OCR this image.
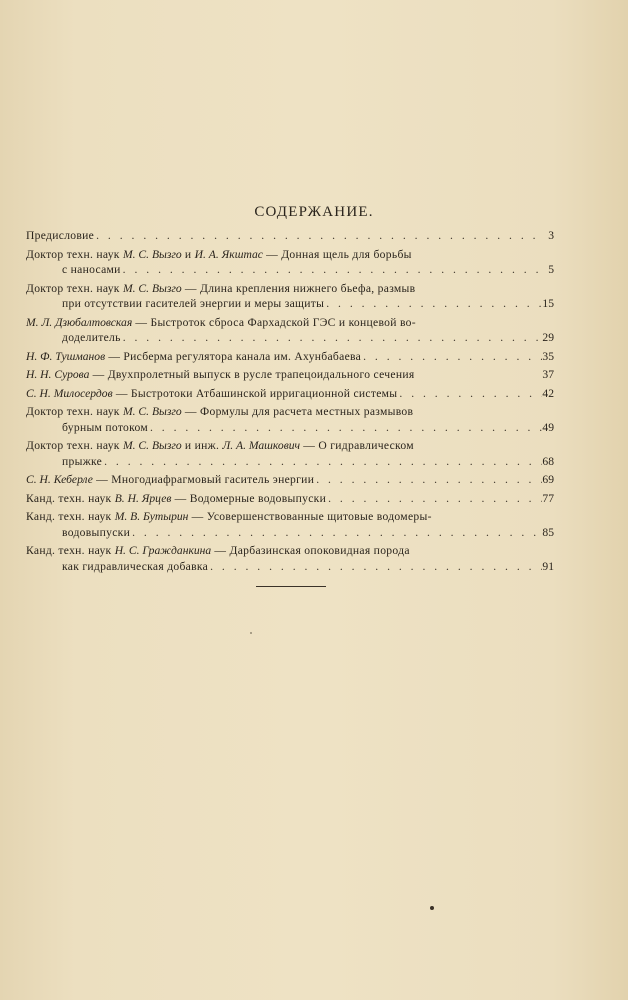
СОДЕРЖАНИЕ.
Предисловие . . .	3
Доктор техн. наук М. С. Вызго и И. А. Якштас — Донная щель для борьбы
с наносами . . .	5
Доктор техн. наук М. С. Вызго — Длина крепления нижнего бьефа, размыв
при отсутствии гасителей энергии и меры защиты . . .	15
М. Л. Дзюбалтовская — Быстроток сброса Фархадской ГЭС и концевой во-
доделитель . . .	29
Н. Ф. Тушманов — Рисберма регулятора канала им. Ахунбабаева . . .	35
Н. Н. Сурова — Двухпролетный выпуск в русле трапецоидального сечения	37
С. Н. Милосердов — Быстротоки Атбашинской ирригационной системы . . .	42
Доктор техн. наук М. С. Вызго — Формулы для расчета местных размывов
бурным потоком . . .	49
Доктор техн. наук М. С. Вызго и инж. Л. А. Машкович — О гидравлическом
прыжке . . .	68
С. Н. Кеберле — Многодиафрагмовый гаситель энергии . . .	69
Канд. техн. наук В. Н. Ярцев — Водомерные водовыпуски . . .	77
Канд. техн. наук М. В. Бутырин — Усовершенствованные щитовые водомеры-
водовыпуски . . .	85
Канд. техн. наук Н. С. Гражданкина — Дарбазинская опоковидная порода
как гидравлическая добавка . . .	91
